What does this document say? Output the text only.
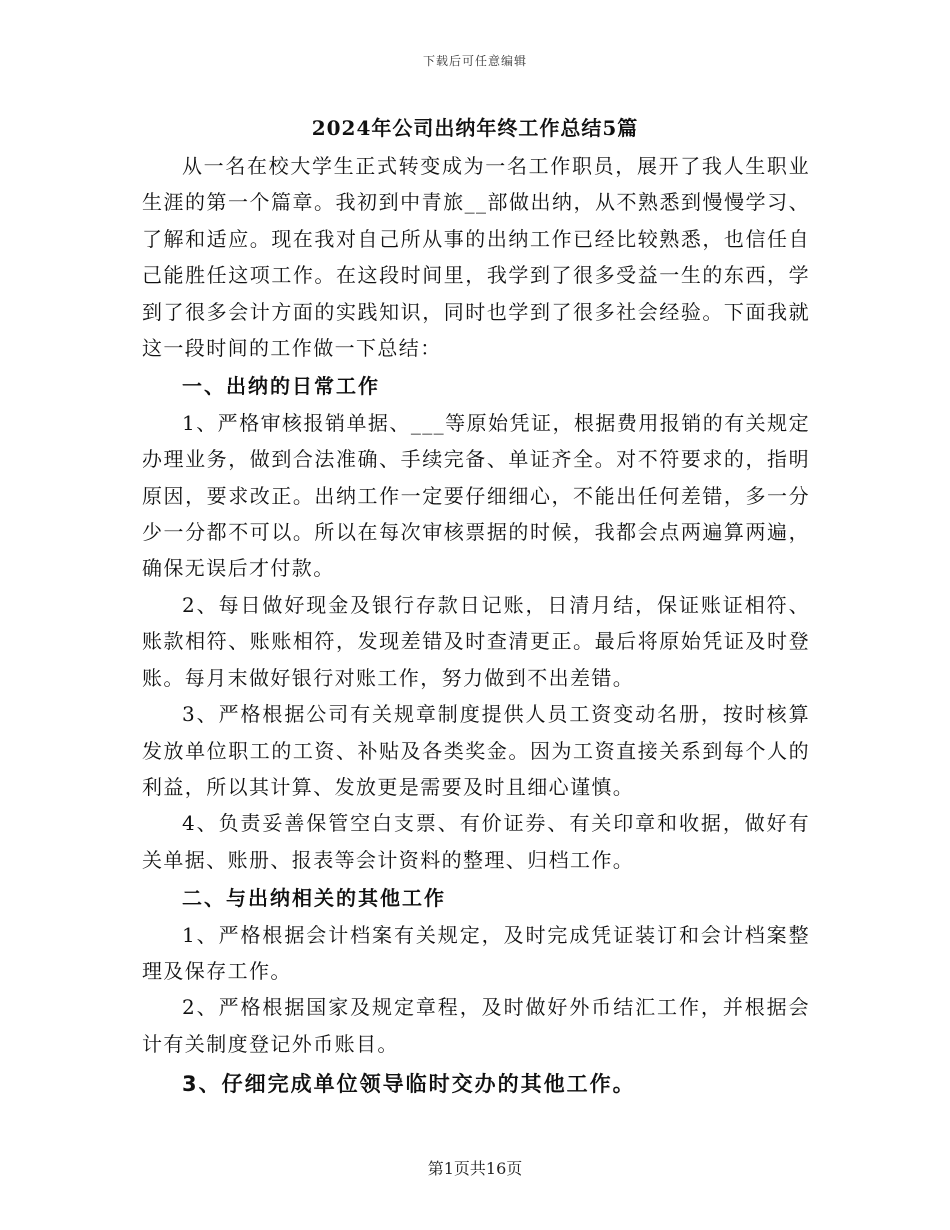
下载后可任意编辑
2024年公司出纳年终工作总结5篇

从一名在校大学生正式转变成为一名工作职员，展开了我人生职业生涯的第一个篇章。我初到中青旅__部做出纳，从不熟悉到慢慢学习、了解和适应。现在我对自己所从事的出纳工作已经比较熟悉，也信任自己能胜任这项工作。在这段时间里，我学到了很多受益一生的东西，学到了很多会计方面的实践知识，同时也学到了很多社会经验。下面我就这一段时间的工作做一下总结：

一、出纳的日常工作

1、严格审核报销单据、___等原始凭证，根据费用报销的有关规定办理业务，做到合法准确、手续完备、单证齐全。对不符要求的，指明原因，要求改正。出纳工作一定要仔细细心，不能出任何差错，多一分少一分都不可以。所以在每次审核票据的时候，我都会点两遍算两遍，确保无误后才付款。

2、每日做好现金及银行存款日记账，日清月结，保证账证相符、账款相符、账账相符，发现差错及时查清更正。最后将原始凭证及时登账。每月末做好银行对账工作，努力做到不出差错。

3、严格根据公司有关规章制度提供人员工资变动名册，按时核算发放单位职工的工资、补贴及各类奖金。因为工资直接关系到每个人的利益，所以其计算、发放更是需要及时且细心谨慎。

4、负责妥善保管空白支票、有价证券、有关印章和收据，做好有关单据、账册、报表等会计资料的整理、归档工作。

二、与出纳相关的其他工作

1、严格根据会计档案有关规定，及时完成凭证装订和会计档案整理及保存工作。

2、严格根据国家及规定章程，及时做好外币结汇工作，并根据会计有关制度登记外币账目。

3、仔细完成单位领导临时交办的其他工作。

第1页共16页
